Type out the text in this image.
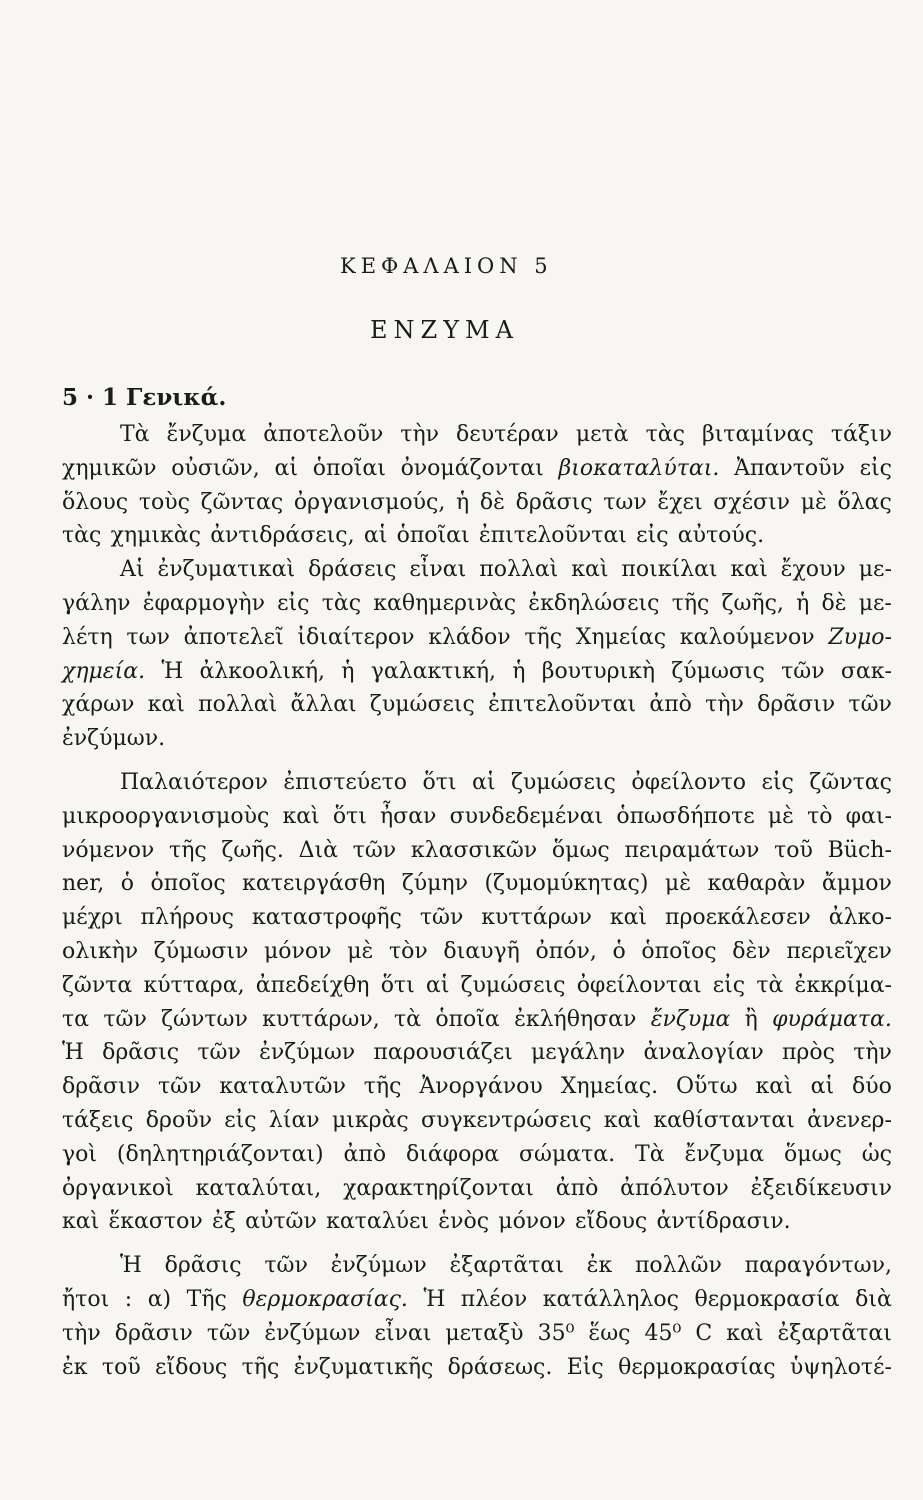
ΚΕΦΑΛΑΙΟΝ 5
ΕΝΖΥΜΑ
5 · 1 Γενικά.
Τὰ ἔνζυμα ἀποτελοῦν τὴν δευτέραν μετὰ τὰς βιταμίνας τάξιν
χημικῶν οὐσιῶν, αἱ ὁποῖαι ὀνομάζονται βιοκαταλύται. Ἀπαντοῦν εἰς
ὅλους τοὺς ζῶντας ὀργανισμούς, ἡ δὲ δρᾶσις των ἔχει σχέσιν μὲ ὅλας
τὰς χημικὰς ἀντιδράσεις, αἱ ὁποῖαι ἐπιτελοῦνται εἰς αὐτούς.
Αἱ ἐνζυματικαὶ δράσεις εἶναι πολλαὶ καὶ ποικίλαι καὶ ἔχουν με-
γάλην ἐφαρμογὴν εἰς τὰς καθημερινὰς ἐκδηλώσεις τῆς ζωῆς, ἡ δὲ με-
λέτη των ἀποτελεῖ ἰδιαίτερον κλάδον τῆς Χημείας καλούμενον Ζυμο-
χημεία. Ἡ ἀλκοολική, ἡ γαλακτική, ἡ βουτυρικὴ ζύμωσις τῶν σακ-
χάρων καὶ πολλαὶ ἄλλαι ζυμώσεις ἐπιτελοῦνται ἀπὸ τὴν δρᾶσιν τῶν
ἐνζύμων.
Παλαιότερον ἐπιστεύετο ὅτι αἱ ζυμώσεις ὀφείλοντο εἰς ζῶντας
μικροοργανισμοὺς καὶ ὅτι ἦσαν συνδεδεμέναι ὁπωσδήποτε μὲ τὸ φαι-
νόμενον τῆς ζωῆς. Διὰ τῶν κλασσικῶν ὅμως πειραμάτων τοῦ Büch-
ner, ὁ ὁποῖος κατειργάσθη ζύμην (ζυμομύκητας) μὲ καθαρὰν ἄμμον
μέχρι πλήρους καταστροφῆς τῶν κυττάρων καὶ προεκάλεσεν ἀλκο-
ολικὴν ζύμωσιν μόνον μὲ τὸν διαυγῆ ὀπόν, ὁ ὁποῖος δὲν περιεῖχεν
ζῶντα κύτταρα, ἀπεδείχθη ὅτι αἱ ζυμώσεις ὀφείλονται εἰς τὰ ἐκκρίμα-
τα τῶν ζώντων κυττάρων, τὰ ὁποῖα ἐκλήθησαν ἔνζυμα ἢ φυράματα.
Ἡ δρᾶσις τῶν ἐνζύμων παρουσιάζει μεγάλην ἀναλογίαν πρὸς τὴν
δρᾶσιν τῶν καταλυτῶν τῆς Ἀνοργάνου Χημείας. Οὕτω καὶ αἱ δύο
τάξεις δροῦν εἰς λίαν μικρὰς συγκεντρώσεις καὶ καθίστανται ἀνενερ-
γοὶ (δηλητηριάζονται) ἀπὸ διάφορα σώματα. Τὰ ἔνζυμα ὅμως ὡς
ὀργανικοὶ καταλύται, χαρακτηρίζονται ἀπὸ ἀπόλυτον ἐξειδίκευσιν
καὶ ἕκαστον ἐξ αὐτῶν καταλύει ἑνὸς μόνον εἴδους ἀντίδρασιν.
Ἡ δρᾶσις τῶν ἐνζύμων ἐξαρτᾶται ἐκ πολλῶν παραγόντων,
ἤτοι : α) Τῆς θερμοκρασίας. Ἡ πλέον κατάλληλος θερμοκρασία διὰ
τὴν δρᾶσιν τῶν ἐνζύμων εἶναι μεταξὺ 35⁰ ἕως 45⁰ C καὶ ἐξαρτᾶται
ἐκ τοῦ εἴδους τῆς ἐνζυματικῆς δράσεως. Εἰς θερμοκρασίας ὑψηλοτέ-
